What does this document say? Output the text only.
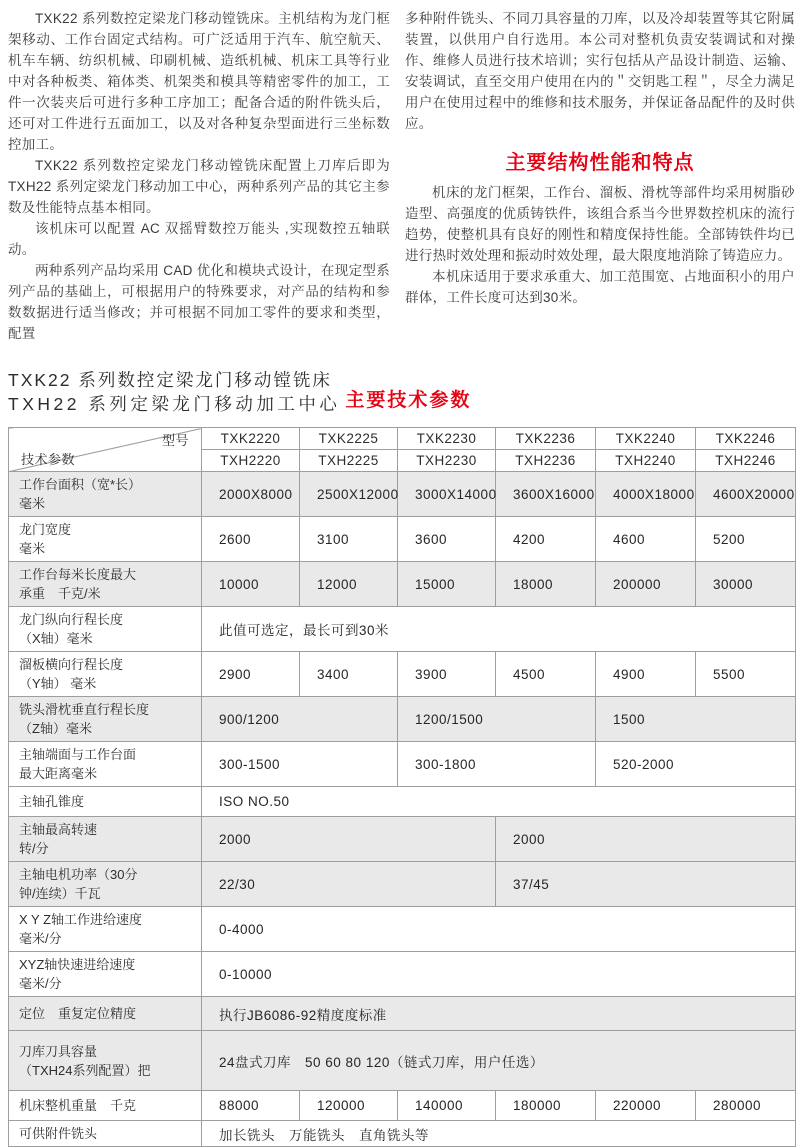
TXK22 系列数控定梁龙门移动镗铣床。主机结构为龙门框架移动、工作台固定式结构。可广泛适用于汽车、航空航天、机车车辆、纺织机械、印刷机械、造纸机械、机床工具等行业中对各种板类、箱体类、机架类和模具等精密零件的加工，工件一次装夹后可进行多种工序加工；配备合适的附件铣头后，还可对工件进行五面加工，以及对各种复杂型面进行三坐标数控加工。

TXK22 系列数控定梁龙门移动镗铣床配置上刀库后即为TXH22 系列定梁龙门移动加工中心，两种系列产品的其它主参数及性能特点基本相同。

该机床可以配置 AC 双摇臂数控万能头 ,实现数控五轴联动。

两种系列产品均采用 CAD 优化和模块式设计，在现定型系列产品的基础上，可根据用户的特殊要求，对产品的结构和参数数据进行适当修改；并可根据不同加工零件的要求和类型，配置

多种附件铣头、不同刀具容量的刀库，以及冷却装置等其它附属装置，以供用户自行选用。本公司对整机负责安装调试和对操作、维修人员进行技术培训；实行包括从产品设计制造、运输、安装调试，直至交用户使用在内的＂交钥匙工程＂，尽全力满足用户在使用过程中的维修和技术服务，并保证备品配件的及时供应。

主要结构性能和特点

机床的龙门框架，工作台、溜板、滑枕等部件均采用树脂砂造型、高强度的优质铸铁件，该组合系当今世界数控机床的流行趋势，使整机具有良好的刚性和精度保持性能。全部铸铁件均已进行热时效处理和振动时效处理，最大限度地消除了铸造应力。

本机床适用于要求承重大、加工范围宽、占地面积小的用户群体，工件长度可达到30米。

TXK22 系列数控定梁龙门移动镗铣床
TXH22 系列定梁龙门移动加工中心 主要技术参数
型号
技术参数	TXK2220	TXK2225	TXK2230	TXK2236	TXK2240	TXK2246
	TXH2220	TXH2225	TXH2230	TXH2236	TXH2240	TXH2246

工作台面积（宽*长）
毫米	2000X8000	2500X12000	3000X14000	3600X16000	4000X18000	4600X20000

龙门宽度
毫米	2600	3100	3600	4200	4600	5200

工作台每米长度最大
承重　千克/米	10000	12000	15000	18000	200000	30000

龙门纵向行程长度
（X轴）毫米	此值可选定，最长可到30米					

溜板横向行程长度
（Y轴） 毫米	2900	3400	3900	4500	4900	5500

铣头滑枕垂直行程长度
（Z轴）毫米	900/1200		1200/1500		1500	

主轴端面与工作台面
最大距离毫米	300-1500		300-1800		520-2000	

主轴孔锥度	ISO NO.50					

主轴最高转速
转/分	2000			2000		

主轴电机功率（30分
钟/连续）千瓦	22/30			37/45		

X Y Z轴工作进给速度
毫米/分	0-4000					

XYZ轴快速进给速度
毫米/分	0-10000					

定位　重复定位精度	执行JB6086-92精度度标准					

刀库刀具容量
（TXH24系列配置）把	24盘式刀库　50 60 80 120（链式刀库，用户任选）					

机床整机重量　千克	88000	120000	140000	180000	220000	280000

可供附件铣头	加长铣头　万能铣头　直角铣头等					
